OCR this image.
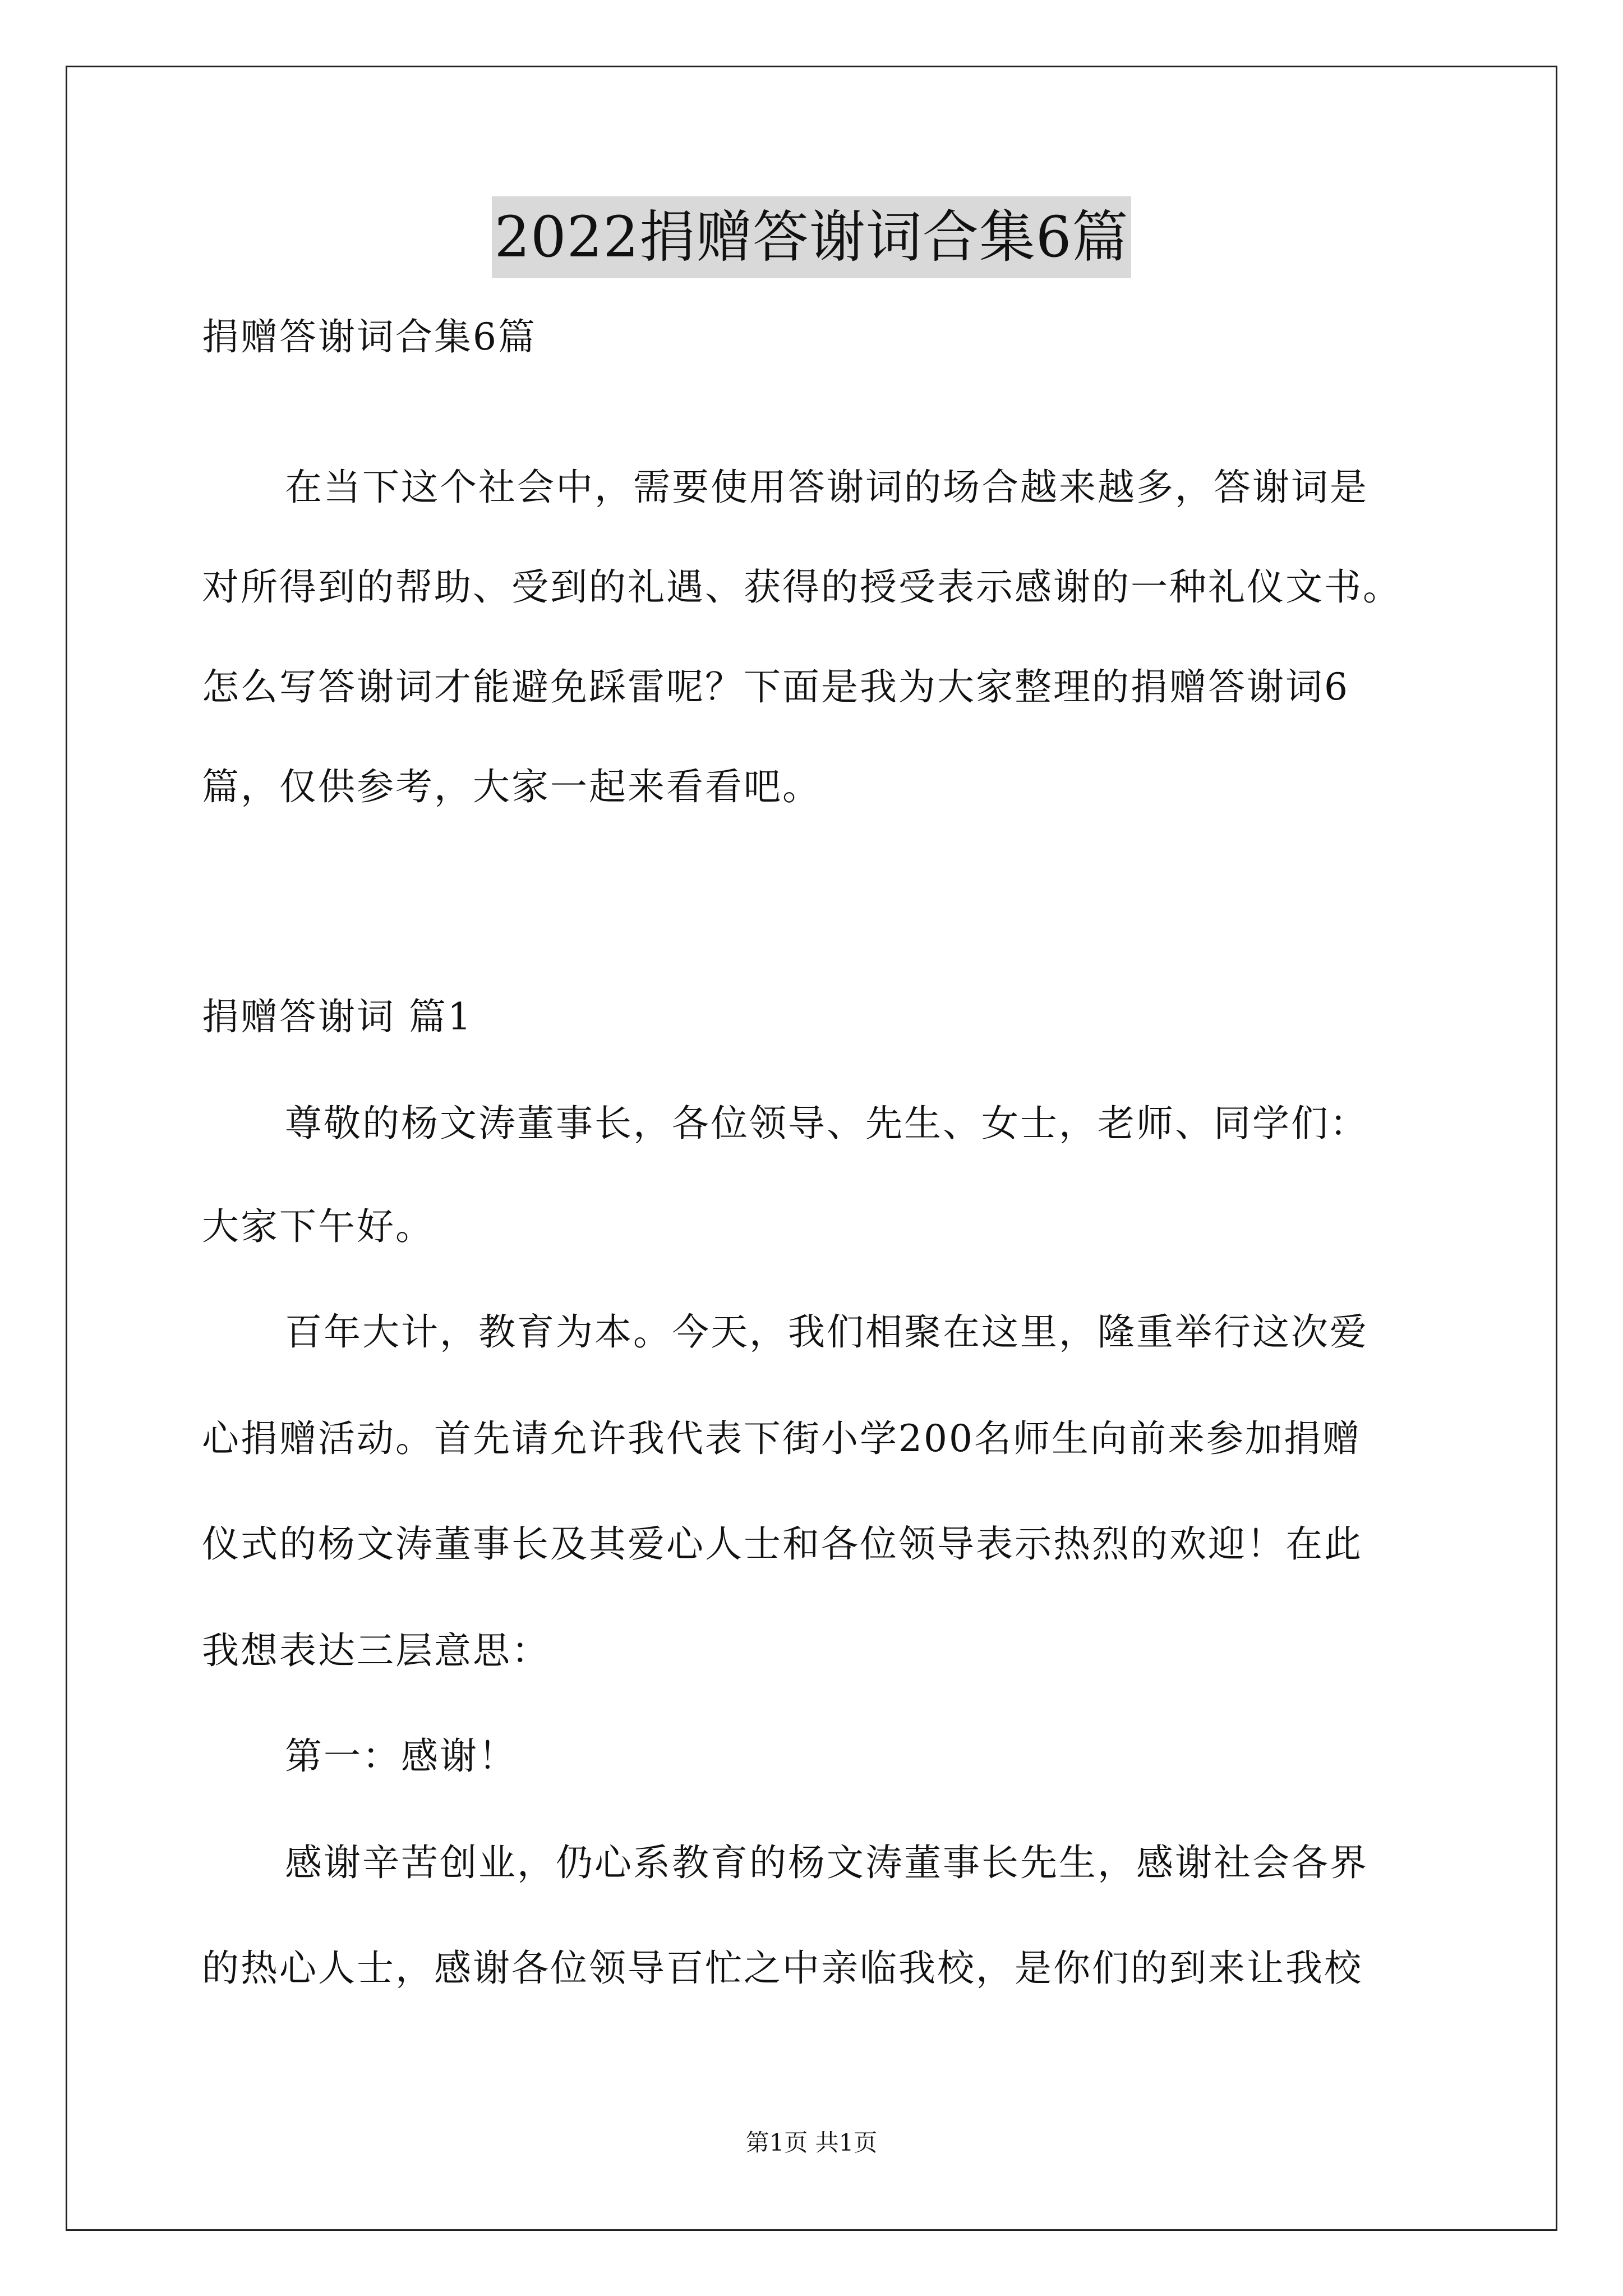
2022捐赠答谢词合集6篇
捐赠答谢词合集6篇
在当下这个社会中，需要使用答谢词的场合越来越多，答谢词是
对所得到的帮助、受到的礼遇、获得的授受表示感谢的一种礼仪文书。
怎么写答谢词才能避免踩雷呢？下面是我为大家整理的捐赠答谢词6
篇，仅供参考，大家一起来看看吧。
捐赠答谢词 篇1
尊敬的杨文涛董事长，各位领导、先生、女士，老师、同学们：
大家下午好。
百年大计，教育为本。今天，我们相聚在这里，隆重举行这次爱
心捐赠活动。首先请允许我代表下街小学200名师生向前来参加捐赠
仪式的杨文涛董事长及其爱心人士和各位领导表示热烈的欢迎！在此
我想表达三层意思：
第一：感谢！
感谢辛苦创业，仍心系教育的杨文涛董事长先生，感谢社会各界
的热心人士，感谢各位领导百忙之中亲临我校，是你们的到来让我校
第1页 共1页
